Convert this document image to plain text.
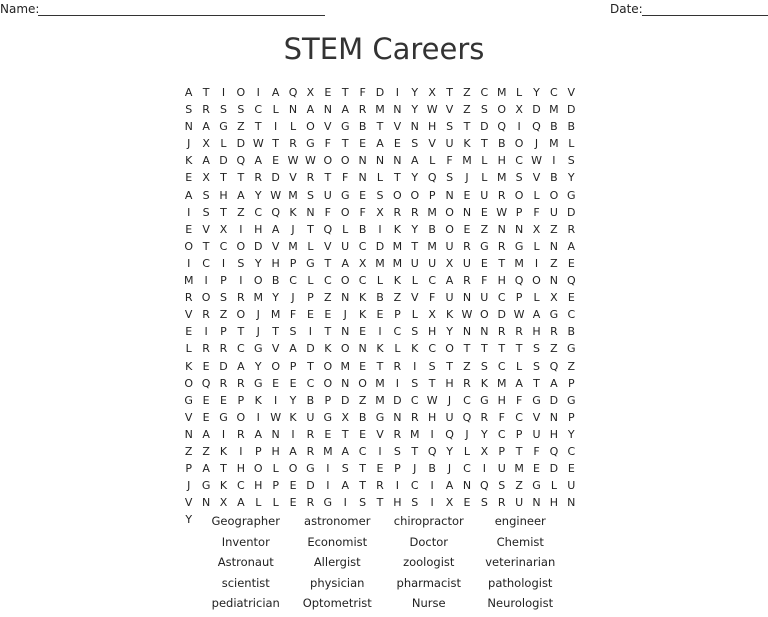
Name:	Date:
STEM Careers
A T	I	O	I	A Q X E T F D	I	Y X T Z C M L Y C V
S R S S C L N A N A R M N Y W V Z S O X D M D
N A G Z T	I	L O V G B T V N H S T D Q	I	Q B B
J	X L D W T R G F T E A E S V U K T B O	J	M L
K A D Q A E W W O O N N N A L	F M L H C W I	S
E X T T R D V R T F N L T Y Q S	J	L M S V B Y
A S H A Y W M S U G E S O O P N E U R O L O G
I	S T Z C Q K N F O F X R R M O N E W P F U D
E V X	I	H A	J	T Q L B	I	K Y B O E Z N N X Z R
O T C O D V M L V U C D M T M U R G R G L N A
I	C	I	S Y H P G T A X M M U U X U E T M	I	Z E
M	I	P	I	O B C L C O C L K L C A R F H Q O N Q
R O S R M Y	J	P Z N K B Z V F U N U C P	L X E
V R Z O	J	M F E E	J	K E P	L X K W O D W A G C
E	I	P T	J	T S	I	T N E	I	C S H Y N N R R H R B
L R R C G V A D K O N K L K C O T T T T S Z G
K E D A Y O P T O M E T R	I	S T Z S C L S Q Z
O Q R R G E E C O N O M	I	S T H R K M A T A P
G E E P K	I	Y B P D Z M D C W J	C G H F G D G
V E G O	I W K U G X B G N R H U Q R F C V N P
N A	I	R A N	I	R E T E V R M	I	Q	J	Y C P U H Y
Z Z K	I	P H A R M A C	I	S T Q Y L X P T F Q C
P A T H O L O G	I	S T E P	J	B	J	C	I	U M E D E
J	G K C H P E D	I	A T R	I	C	I	A N Q S Z G L U
V N X A L	L E R G	I	S T H S	I	X E S R U N H N
Y	Geographer	astronomer	chiropractor	engineer
Inventor	Economist	Doctor	Chemist
Astronaut	Allergist	zoologist	veterinarian
scientist	physician	pharmacist	pathologist
pediatrician	Optometrist	Nurse	Neurologist
